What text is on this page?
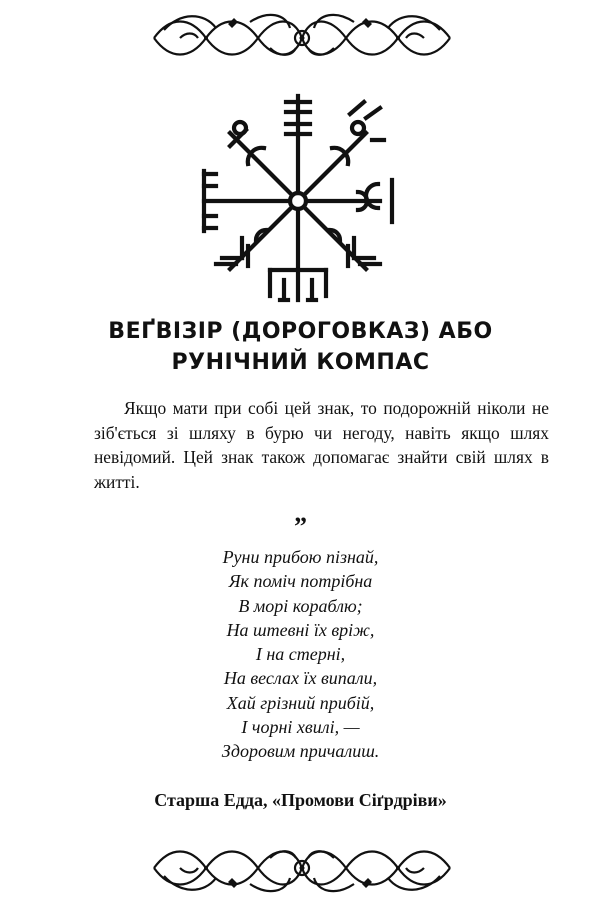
ВЕҐВІЗІР (ДОРОГОВКАЗ) АБО
РУНІЧНИЙ КОМПАС
Якщо мати при собі цей знак, то подорожній ніколи не зіб'ється зі шляху в бурю чи негоду, навіть якщо шлях невідомий. Цей знак також допомагає знайти свій шлях в житті.
”
Руни прибою пізнай,
Як поміч потрібна
В морі кораблю;
На штевні їх вріж,
І на стерні,
На веслах їх випали,
Хай грізний прибій,
І чорні хвилі, —
Здоровим причалиш.
Старша Едда, «Промови Сіґрдріви»
